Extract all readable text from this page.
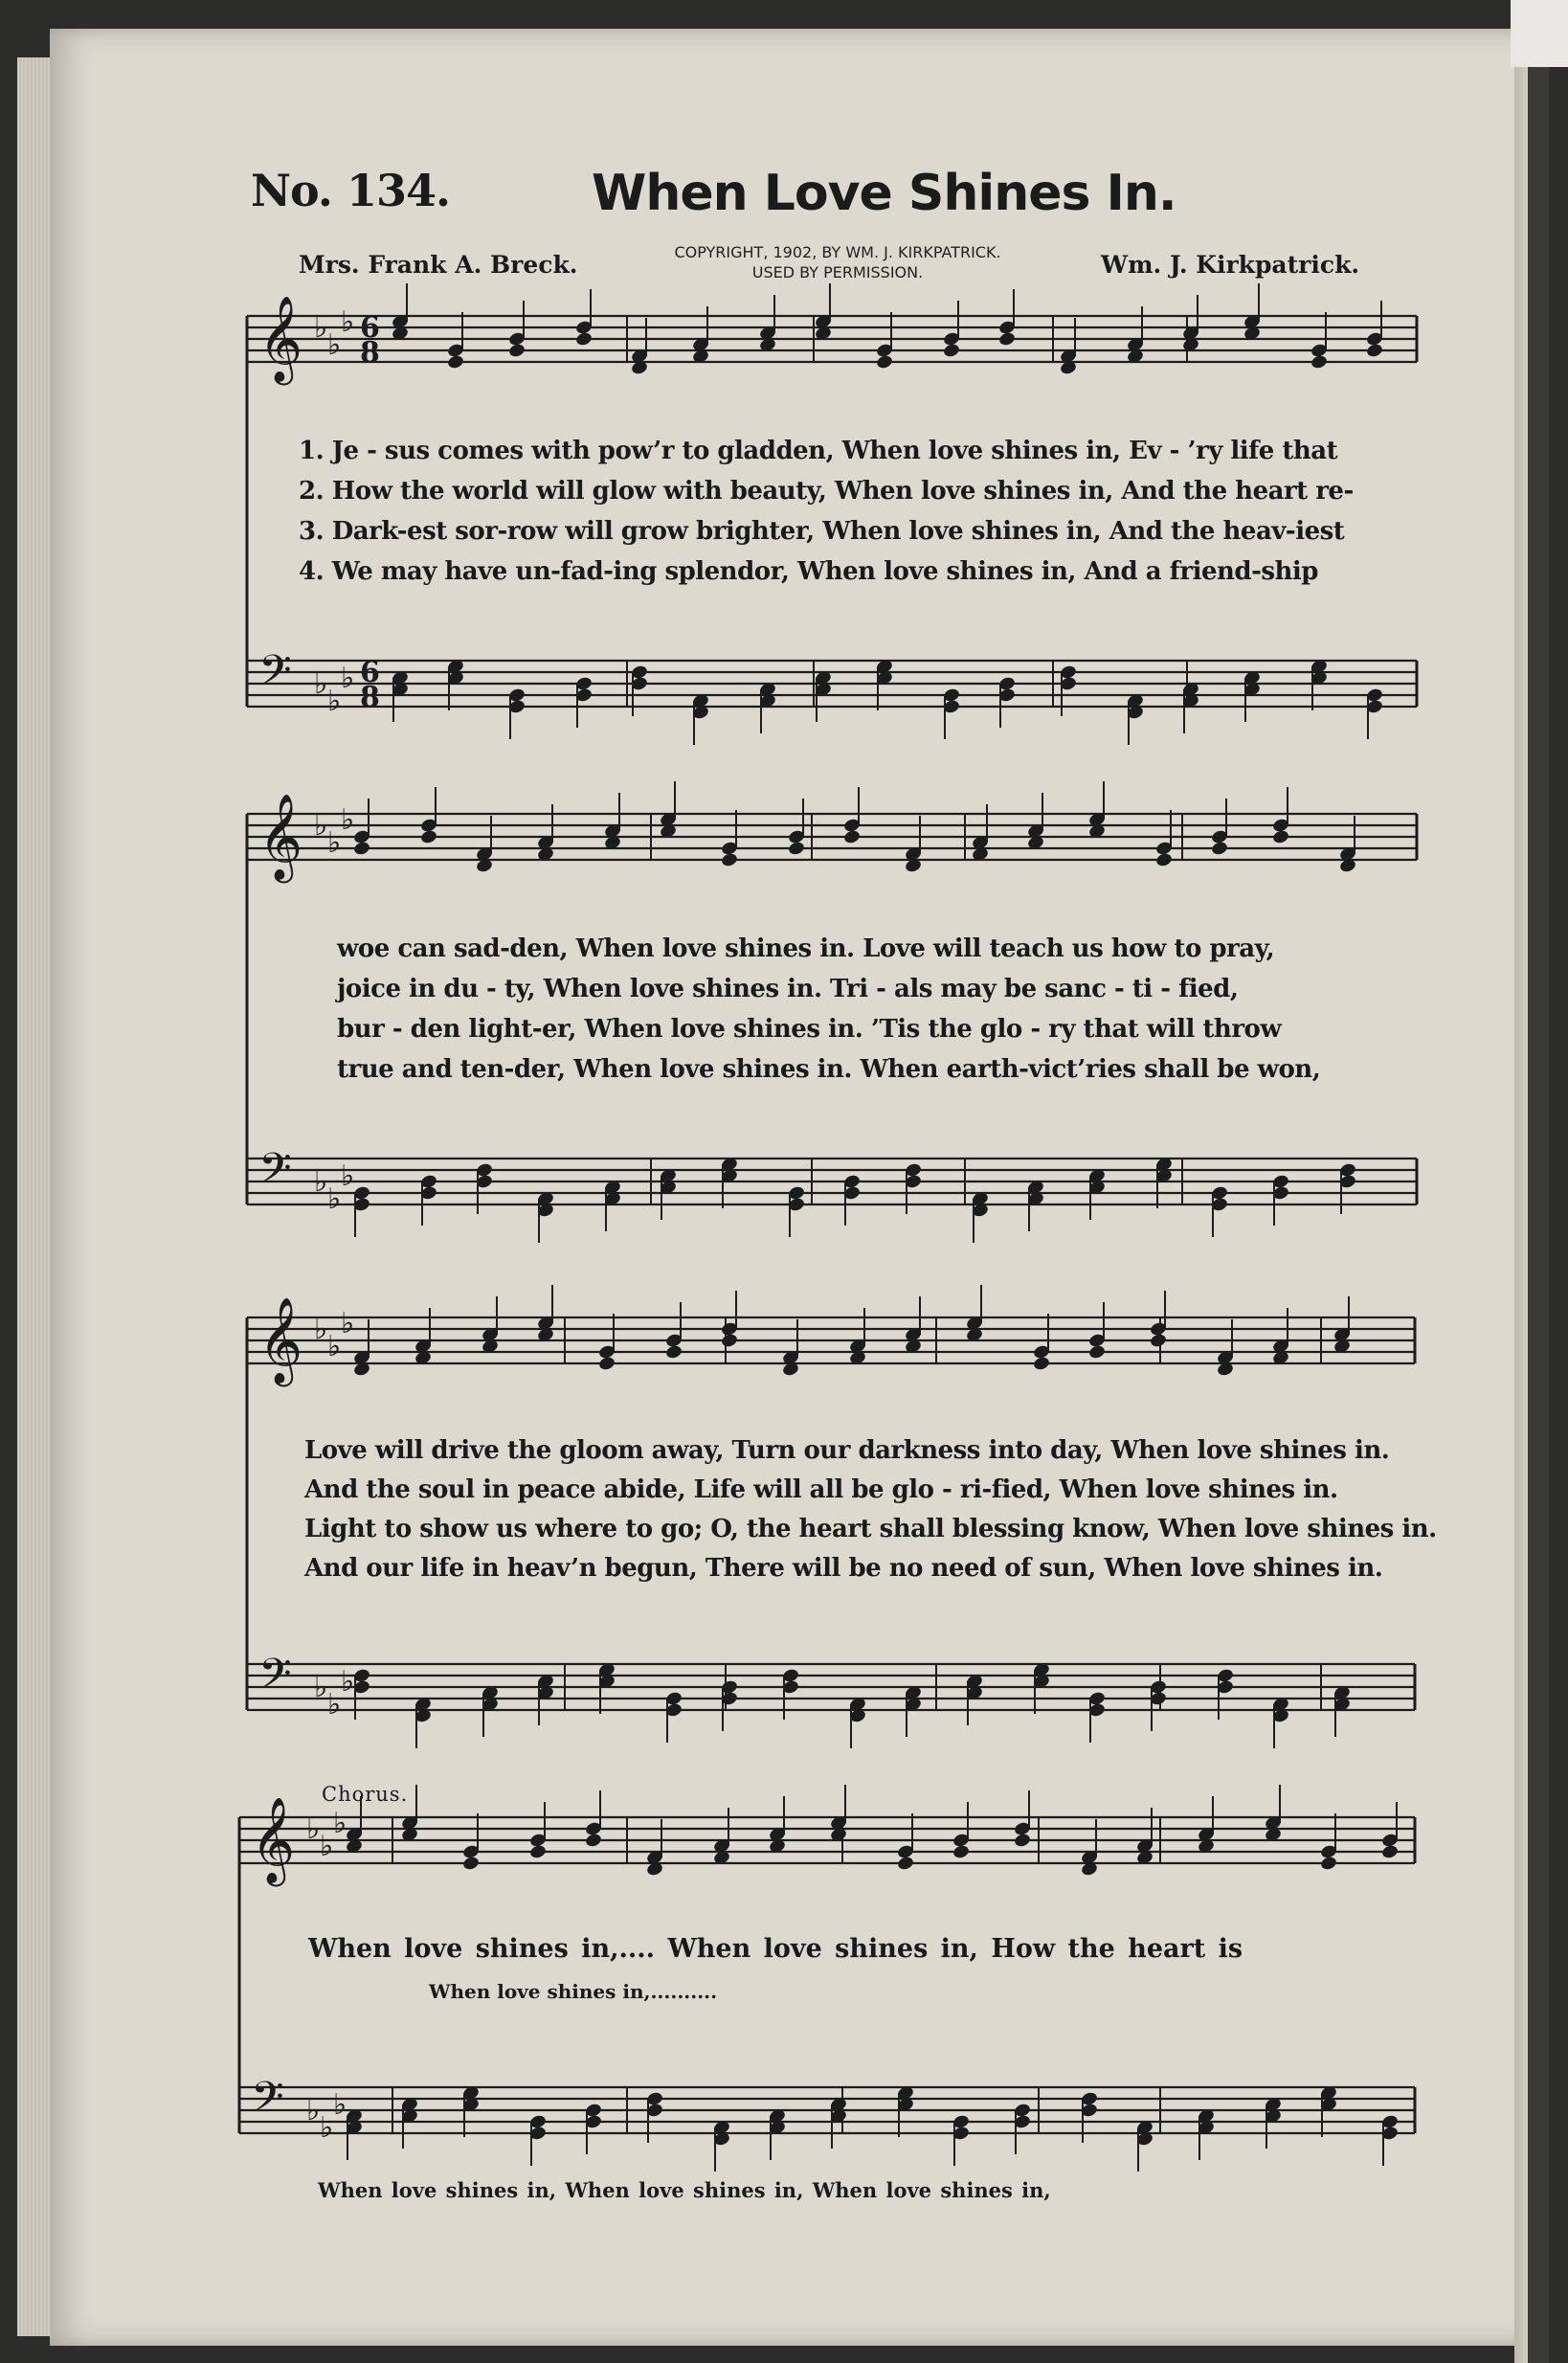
No. 134.	When Love Shines In.
Mrs. Frank A. Breck.	COPYRIGHT, 1902, BY WM. J. KIRKPATRICK.
USED BY PERMISSION.	Wm. J. Kirkpatrick.
𝄞 ♭
♭
♭ 6
8
𝄢 ♭
♭
♭ 6
8
𝄞 ♭
♭
♭
𝄢 ♭
♭
♭
𝄞 ♭
♭
♭
𝄢 ♭
♭
♭
𝄞 ♭
♭
♭
𝄢 ♭
♭
♭
1. Je - sus comes with pow’r to gladden, When love shines in, Ev - ’ry life that
2. How the world will glow with beauty, When love shines in, And the heart re-
3. Dark-est sor-row will grow brighter, When love shines in, And the heav-iest
4. We may have un-fad-ing splendor, When love shines in, And a friend-ship
woe can sad-den, When love shines in. Love will teach us how to pray,
joice in du - ty, When love shines in. Tri - als may be sanc - ti - fied,
bur - den light-er, When love shines in. ’Tis the glo - ry that will throw
true and ten-der, When love shines in. When earth-vict’ries shall be won,
Love will drive the gloom away, Turn our darkness into day, When love shines in.
And the soul in peace abide, Life will all be glo - ri-fied, When love shines in.
Light to show us where to go; O, the heart shall blessing know, When love shines in.
And our life in heav’n begun, There will be no need of sun, When love shines in.
Chorus.
When love shines in,.... When love shines in, How the heart is
When love shines in,..........
When love shines in, When love shines in, When love shines in,
